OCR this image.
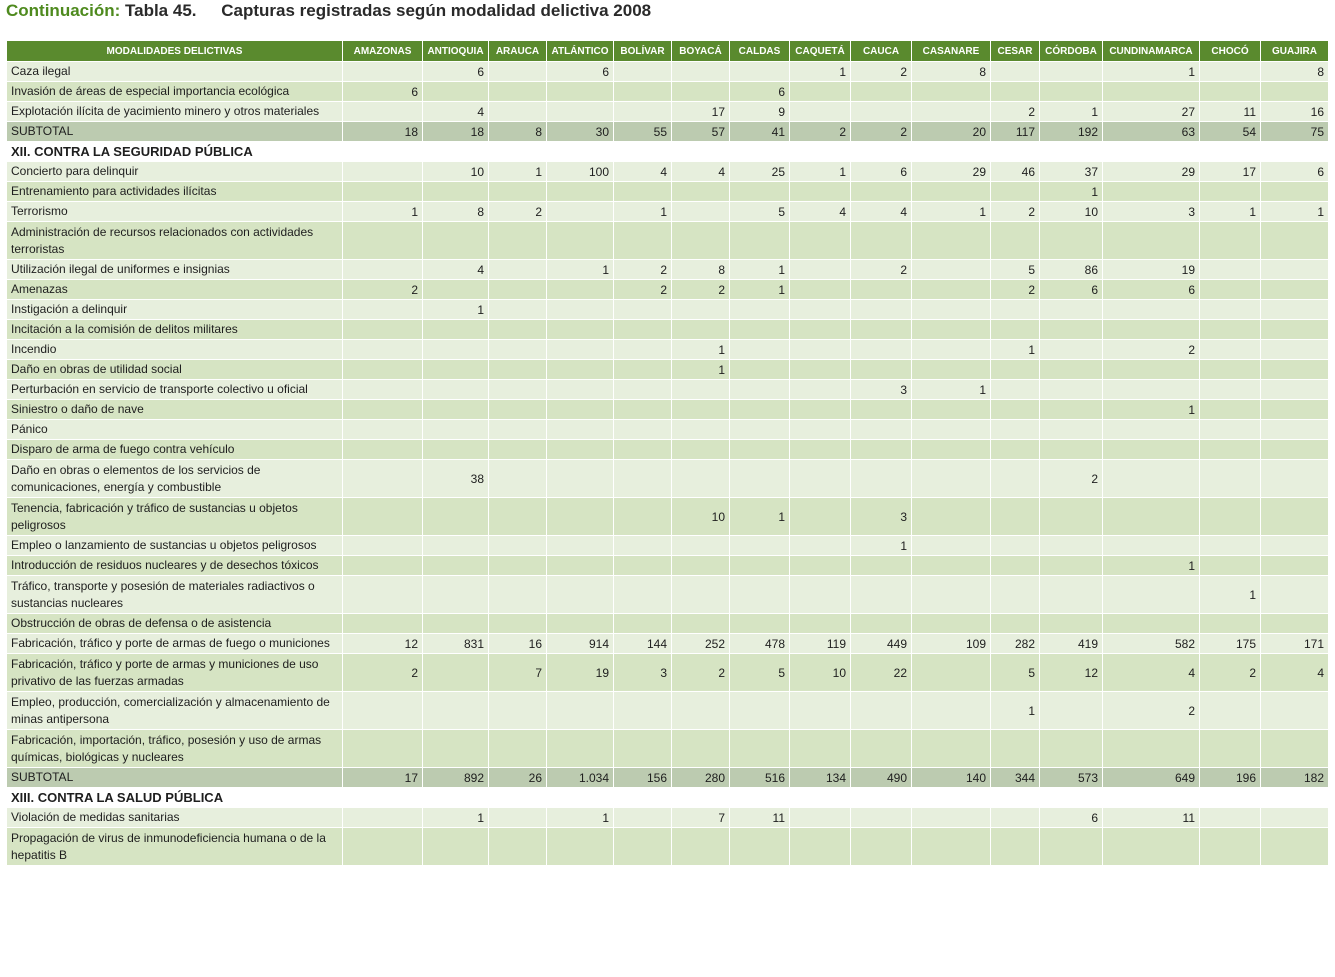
Continuación: Tabla 45. Capturas registradas según modalidad delictiva 2008
MODALIDADES DELICTIVAS	AMAZONAS	ANTIOQUIA	ARAUCA	ATLÁNTICO	BOLÍVAR	BOYACÁ	CALDAS	CAQUETÁ	CAUCA	CASANARE	CESAR	CÓRDOBA	CUNDINAMARCA	CHOCÓ	GUAJIRA
Caza ilegal		6		6				1	2	8			1		8
Invasión de áreas de especial importancia ecológica	6						6								
Explotación ilícita de yacimiento minero y otros materiales		4				17	9				2	1	27	11	16
SUBTOTAL	18	18	8	30	55	57	41	2	2	20	117	192	63	54	75
XII. CONTRA LA SEGURIDAD PÚBLICA															
Concierto para delinquir		10	1	100	4	4	25	1	6	29	46	37	29	17	6
Entrenamiento para actividades ilícitas												1			
Terrorismo	1	8	2		1		5	4	4	1	2	10	3	1	1
Administración de recursos relacionados con actividades terroristas															
Utilización ilegal de uniformes e insignias		4		1	2	8	1		2		5	86	19		
Amenazas	2				2	2	1				2	6	6		
Instigación a delinquir		1													
Incitación a la comisión de delitos militares															
Incendio						1					1		2		
Daño en obras de utilidad social						1									
Perturbación en servicio de transporte colectivo u oficial									3	1					
Siniestro o daño de nave													1		
Pánico															
Disparo de arma de fuego contra vehículo															
Daño en obras o elementos de los servicios de comunicaciones, energía y combustible		38										2			
Tenencia, fabricación y tráfico de sustancias u objetos peligrosos						10	1		3						
Empleo o lanzamiento de sustancias u objetos peligrosos									1						
Introducción de residuos nucleares y de desechos tóxicos													1		
Tráfico, transporte y posesión de materiales radiactivos o sustancias nucleares														1	
Obstrucción de obras de defensa o de asistencia															
Fabricación, tráfico y porte de armas de fuego o municiones	12	831	16	914	144	252	478	119	449	109	282	419	582	175	171
Fabricación, tráfico y porte de armas y municiones de uso privativo de las fuerzas armadas	2		7	19	3	2	5	10	22		5	12	4	2	4
Empleo, producción, comercialización y almacenamiento de minas antipersona											1		2		
Fabricación, importación, tráfico, posesión y uso de armas químicas, biológicas y nucleares															
SUBTOTAL	17	892	26	1.034	156	280	516	134	490	140	344	573	649	196	182
XIII. CONTRA LA SALUD PÚBLICA															
Violación de medidas sanitarias		1		1		7	11					6	11		
Propagación de virus de inmunodeficiencia humana o de la hepatitis B															
